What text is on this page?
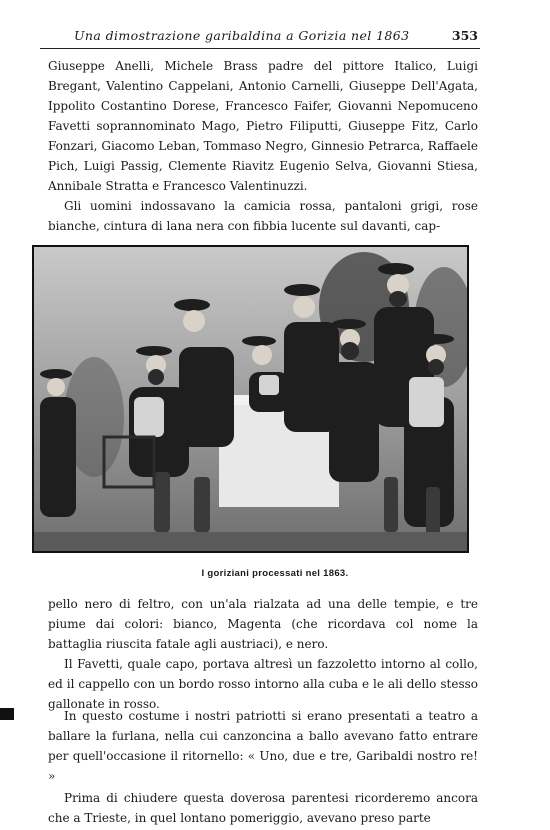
Una dimostrazione garibaldina a Gorizia nel 1863	353

Giuseppe Anelli, Michele Brass padre del pittore Italico, Luigi Bregant, Valentino Cappelani, Antonio Carnelli, Giuseppe Dell'Agata, Ippolito Costantino Dorese, Francesco Faifer, Giovanni Nepomuceno Favetti soprannominato Mago, Pietro Filiputti, Giuseppe Fitz, Carlo Fonzari, Giacomo Leban, Tommaso Negro, Ginnesio Petrarca, Raffaele Pich, Luigi Passig, Clemente Riavitz Eugenio Selva, Giovanni Stiesa, Annibale Stratta e Francesco Valentinuzzi.

Gli uomini indossavano la camicia rossa, pantaloni grigi, rose bianche, cintura di lana nera con fibbia lucente sul davanti, cap-

I goriziani processati nel 1863.

pello nero di feltro, con un'ala rialzata ad una delle tempie, e tre piume dai colori: bianco, Magenta (che ricordava col nome la battaglia riuscita fatale agli austriaci), e nero.

Il Favetti, quale capo, portava altresì un fazzoletto intorno al collo, ed il cappello con un bordo rosso intorno alla cuba e le ali dello stesso gallonate in rosso.

In questo costume i nostri patriotti si erano presentati a teatro a ballare la furlana, nella cui canzoncina a ballo avevano fatto entrare per quell'occasione il ritornello: « Uno, due e tre, Garibaldi nostro re! »

Prima di chiudere questa doverosa parentesi ricorderemo ancora che a Trieste, in quel lontano pomeriggio, avevano preso parte
